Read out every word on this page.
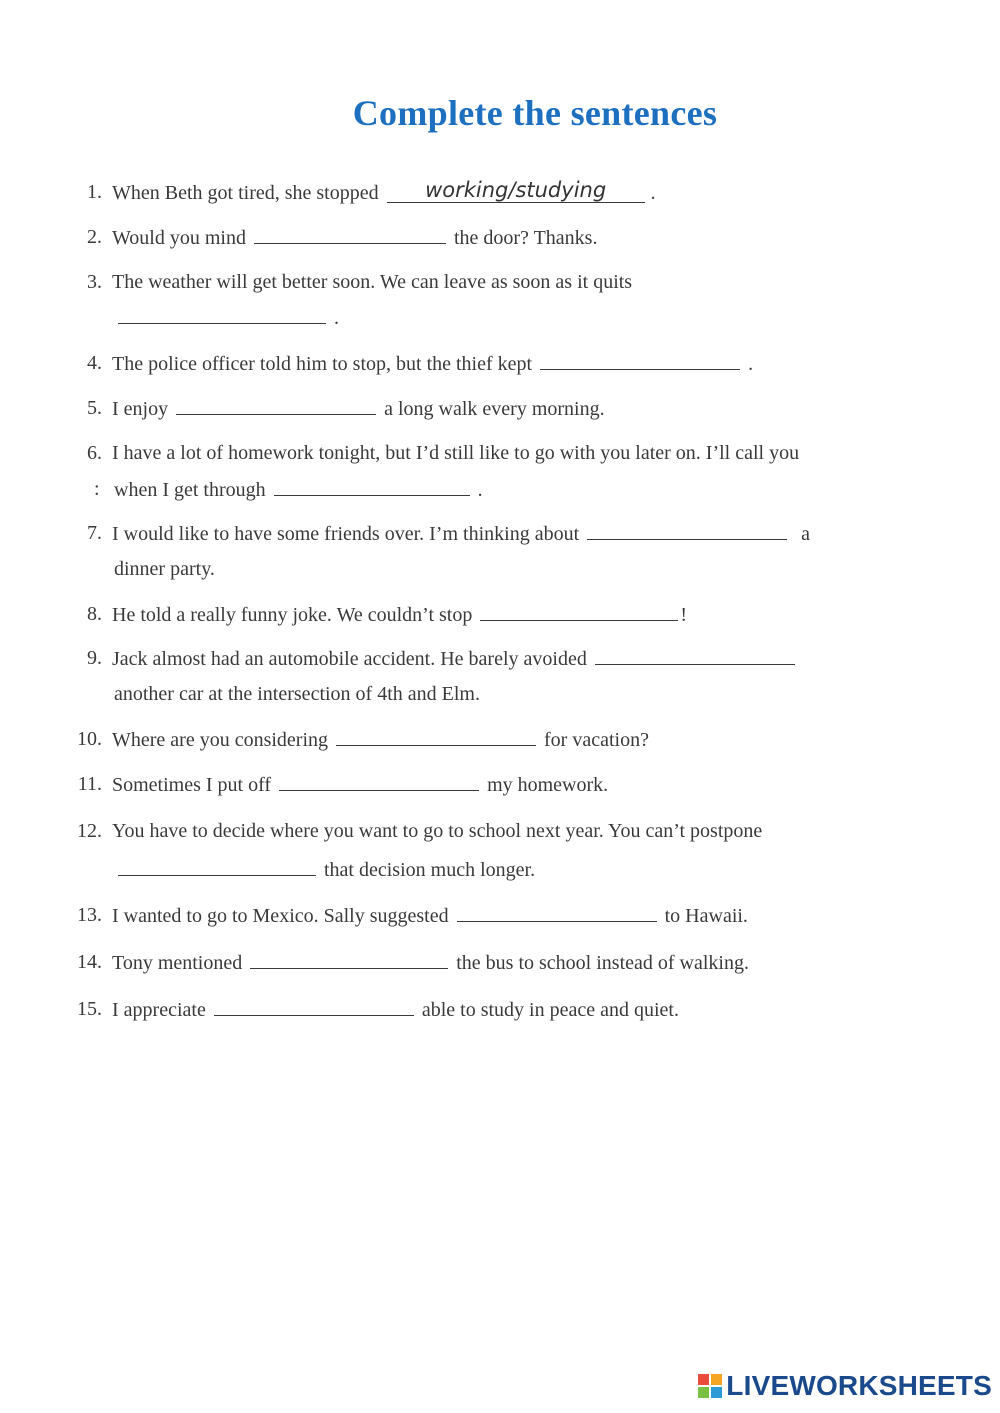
Complete the sentences
1. When Beth got tired, she stopped working/studying .
2. Would you mind	the door? Thanks.
3. The weather will get better soon. We can leave as soon as it quits
.
4. The police officer told him to stop, but the thief kept	.
5. I enjoy	a long walk every morning.
6. I have a lot of homework tonight, but I’d still like to go with you later on. I’ll call you
: when I get through	.
7. I would like to have some friends over. I’m thinking about	a
dinner party.
8. He told a really funny joke. We couldn’t stop	!
9. Jack almost had an automobile accident. He barely avoided
another car at the intersection of 4th and Elm.
10. Where are you considering	for vacation?
11. Sometimes I put off	my homework.
12. You have to decide where you want to go to school next year. You can’t postpone
that decision much longer.
13. I wanted to go to Mexico. Sally suggested	to Hawaii.
14. Tony mentioned	the bus to school instead of walking.
15. I appreciate	able to study in peace and quiet.
LIVEWORKSHEETS
